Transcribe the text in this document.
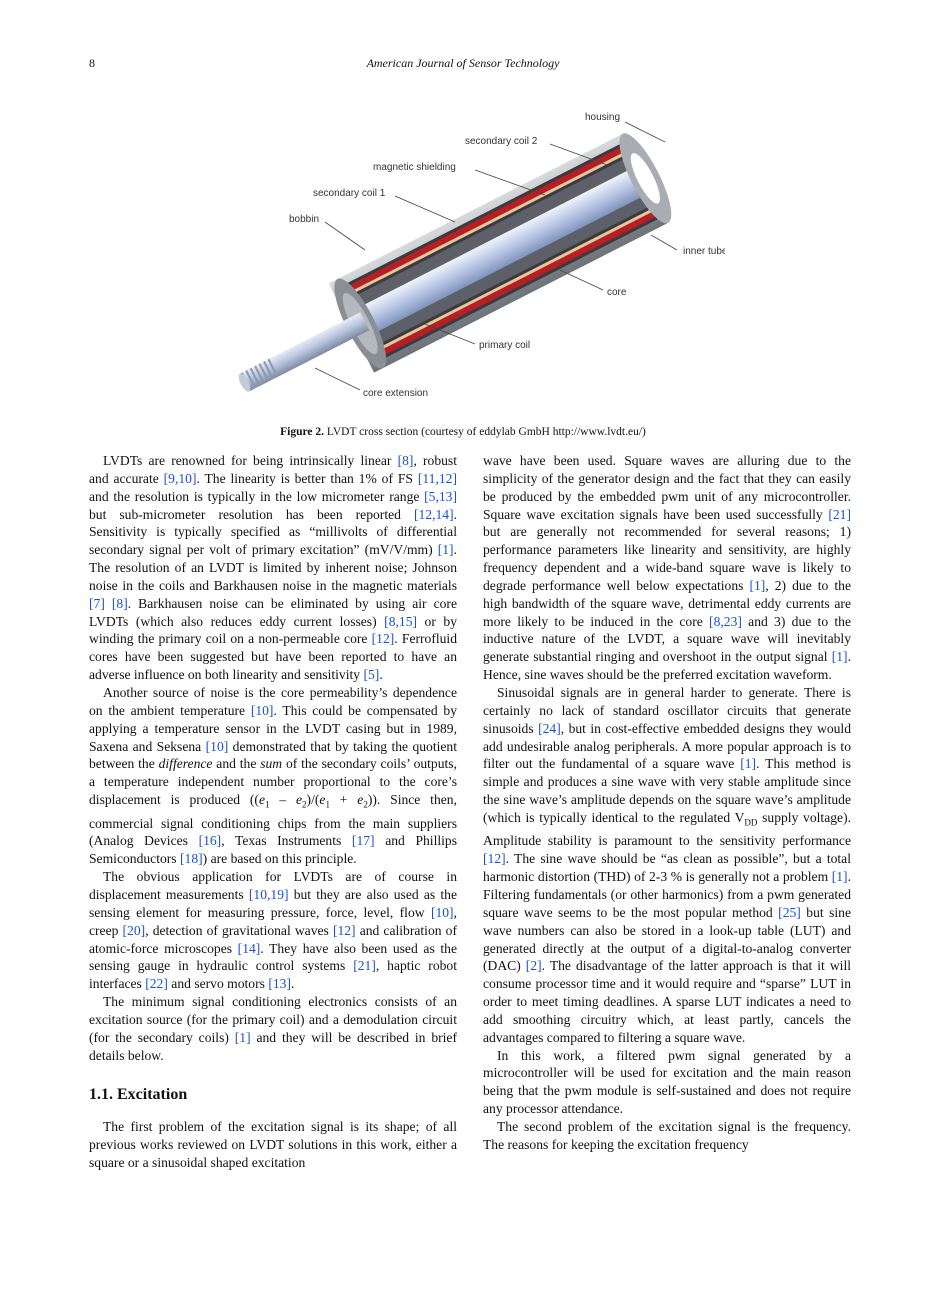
8	American Journal of Sensor Technology
housing
secondary coil 2
magnetic shielding
secondary coil 1
bobbin
inner tube
core
primary coil
core extension
Figure 2. LVDT cross section (courtesy of eddylab GmbH http://www.lvdt.eu/)

LVDTs are renowned for being intrinsically linear [8], robust and accurate [9,10]. The linearity is better than 1% of FS [11,12] and the resolution is typically in the low micrometer range [5,13] but sub-micrometer resolution has been reported [12,14]. Sensitivity is typically specified as “millivolts of differential secondary signal per volt of primary excitation” (mV/V/mm) [1]. The resolution of an LVDT is limited by inherent noise; Johnson noise in the coils and Barkhausen noise in the magnetic materials [7] [8]. Barkhausen noise can be eliminated by using air core LVDTs (which also reduces eddy current losses) [8,15] or by winding the primary coil on a non-permeable core [12]. Ferrofluid cores have been suggested but have been reported to have an adverse influence on both linearity and sensitivity [5].

Another source of noise is the core permeability’s dependence on the ambient temperature [10]. This could be compensated by applying a temperature sensor in the LVDT casing but in 1989, Saxena and Seksena [10] demonstrated that by taking the quotient between the difference and the sum of the secondary coils’ outputs, a temperature independent number proportional to the core’s displacement is produced $((e_1 - e_2)/(e_1 + e_2))$. Since then, commercial signal conditioning chips from the main suppliers (Analog Devices [16], Texas Instruments [17] and Phillips Semiconductors [18]) are based on this principle.

The obvious application for LVDTs are of course in displacement measurements [10,19] but they are also used as the sensing element for measuring pressure, force, level, flow [10], creep [20], detection of gravitational waves [12] and calibration of atomic-force microscopes [14]. They have also been used as the sensing gauge in hydraulic control systems [21], haptic robot interfaces [22] and servo motors [13].

The minimum signal conditioning electronics consists of an excitation source (for the primary coil) and a demodulation circuit (for the secondary coils) [1] and they will be described in brief details below.

1.1. Excitation

The first problem of the excitation signal is its shape; of all previous works reviewed on LVDT solutions in this work, either a square or a sinusoidal shaped excitation

wave have been used. Square waves are alluring due to the simplicity of the generator design and the fact that they can easily be produced by the embedded pwm unit of any microcontroller. Square wave excitation signals have been used successfully [21] but are generally not recommended for several reasons; 1) performance parameters like linearity and sensitivity, are highly frequency dependent and a wide-band square wave is likely to degrade performance well below expectations [1], 2) due to the high bandwidth of the square wave, detrimental eddy currents are more likely to be induced in the core [8,23] and 3) due to the inductive nature of the LVDT, a square wave will inevitably generate substantial ringing and overshoot in the output signal [1]. Hence, sine waves should be the preferred excitation waveform.

Sinusoidal signals are in general harder to generate. There is certainly no lack of standard oscillator circuits that generate sinusoids [24], but in cost-effective embedded designs they would add undesirable analog peripherals. A more popular approach is to filter out the fundamental of a square wave [1]. This method is simple and produces a sine wave with very stable amplitude since the sine wave’s amplitude depends on the square wave’s amplitude (which is typically identical to the regulated $V_{DD}$ supply voltage). Amplitude stability is paramount to the sensitivity performance [12]. The sine wave should be “as clean as possible”, but a total harmonic distortion (THD) of 2-3 % is generally not a problem [1]. Filtering fundamentals (or other harmonics) from a pwm generated square wave seems to be the most popular method [25] but sine wave numbers can also be stored in a look-up table (LUT) and generated directly at the output of a digital-to-analog converter (DAC) [2]. The disadvantage of the latter approach is that it will consume processor time and it would require and “sparse” LUT in order to meet timing deadlines. A sparse LUT indicates a need to add smoothing circuitry which, at least partly, cancels the advantages compared to filtering a square wave.

In this work, a filtered pwm signal generated by a microcontroller will be used for excitation and the main reason being that the pwm module is self-sustained and does not require any processor attendance.

The second problem of the excitation signal is the frequency. The reasons for keeping the excitation frequency
